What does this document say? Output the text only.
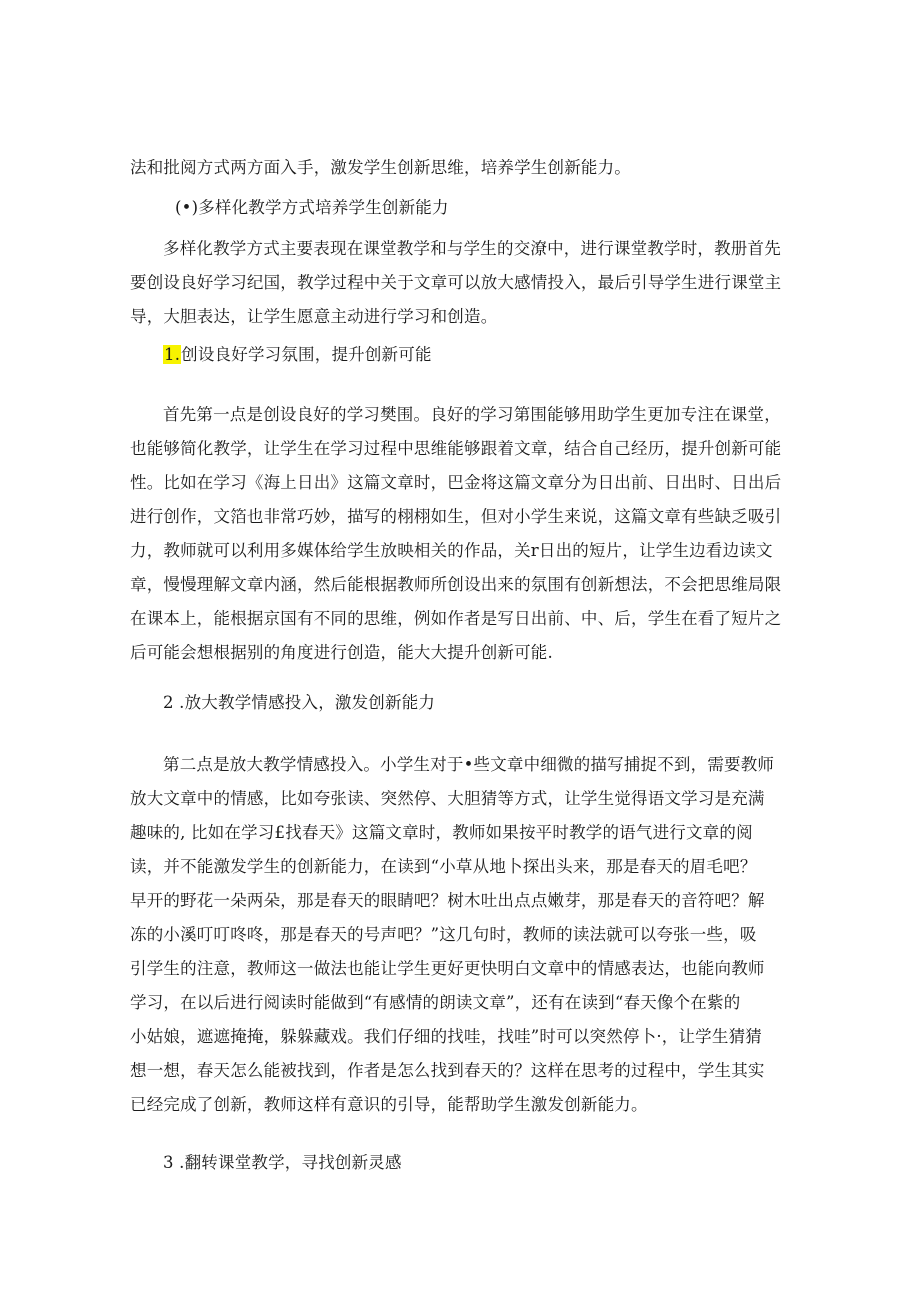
法和批阅方式两方面入手，激发学生创新思维，培养学生创新能力。
(•)多样化教学方式培养学生创新能力
多样化教学方式主要表现在课堂教学和与学生的交潦中，进行课堂教学时，教册首先
要创设良好学习纪国，教学过程中关于文章可以放大感情投入，最后引导学生进行课堂主
导，大胆表达，让学生愿意主动进行学习和创造。
1.创设良好学习氛围，提升创新可能
首先第一点是创设良好的学习樊围。良好的学习第围能够用助学生更加专注在课堂，
也能够简化教学，让学生在学习过程中思维能够跟着文章，结合自己经历，提升创新可能
性。比如在学习《海上日出》这篇文章时，巴金将这篇文章分为日出前、日出时、日出后
进行创作，文箔也非常巧妙，描写的栩栩如生，但对小学生来说，这篇文章有些缺乏吸引
力，教师就可以利用多媒体给学生放映相关的作品，关r日出的短片，让学生边看边读文
章，慢慢理解文章内涵，然后能根据教师所创设出来的氛围有创新想法，不会把思维局限
在课本上，能根据京国有不同的思维，例如作者是写日出前、中、后，学生在看了短片之
后可能会想根据别的角度进行创造，能大大提升创新可能.
2 .放大教学情感投入，激发创新能力
第二点是放大教学情感投入。小学生对于•些文章中细微的描写捕捉不到，需要教师
放大文章中的情感，比如夸张读、突然停、大胆猜等方式，让学生觉得语文学习是充满
趣味的, 比如在学习£找春天》这篇文章时，教师如果按平时教学的语气进行文章的阅
读，并不能激发学生的创新能力，在读到“小草从地卜探出头来，那是春天的眉毛吧？
早开的野花一朵两朵，那是春天的眼睛吧？树木吐出点点嫩芽，那是春天的音符吧？解
冻的小溪叮叮咚咚，那是春天的号声吧？”这几句时，教师的读法就可以夸张一些，吸
引学生的注意，教师这一做法也能让学生更好更快明白文章中的情感表达，也能向教师
学习，在以后进行阅读时能做到“有感情的朗读文章”，还有在读到“春天像个在紫的
小姑娘，遮遮掩掩，躲躲藏戏。我们仔细的找哇，找哇”时可以突然停卜·，让学生猜猜
想一想，春天怎么能被找到，作者是怎么找到春天的？这样在思考的过程中，学生其实
已经完成了创新，教师这样有意识的引导，能帮助学生激发创新能力。
3 .翻转课堂教学，寻找创新灵感
